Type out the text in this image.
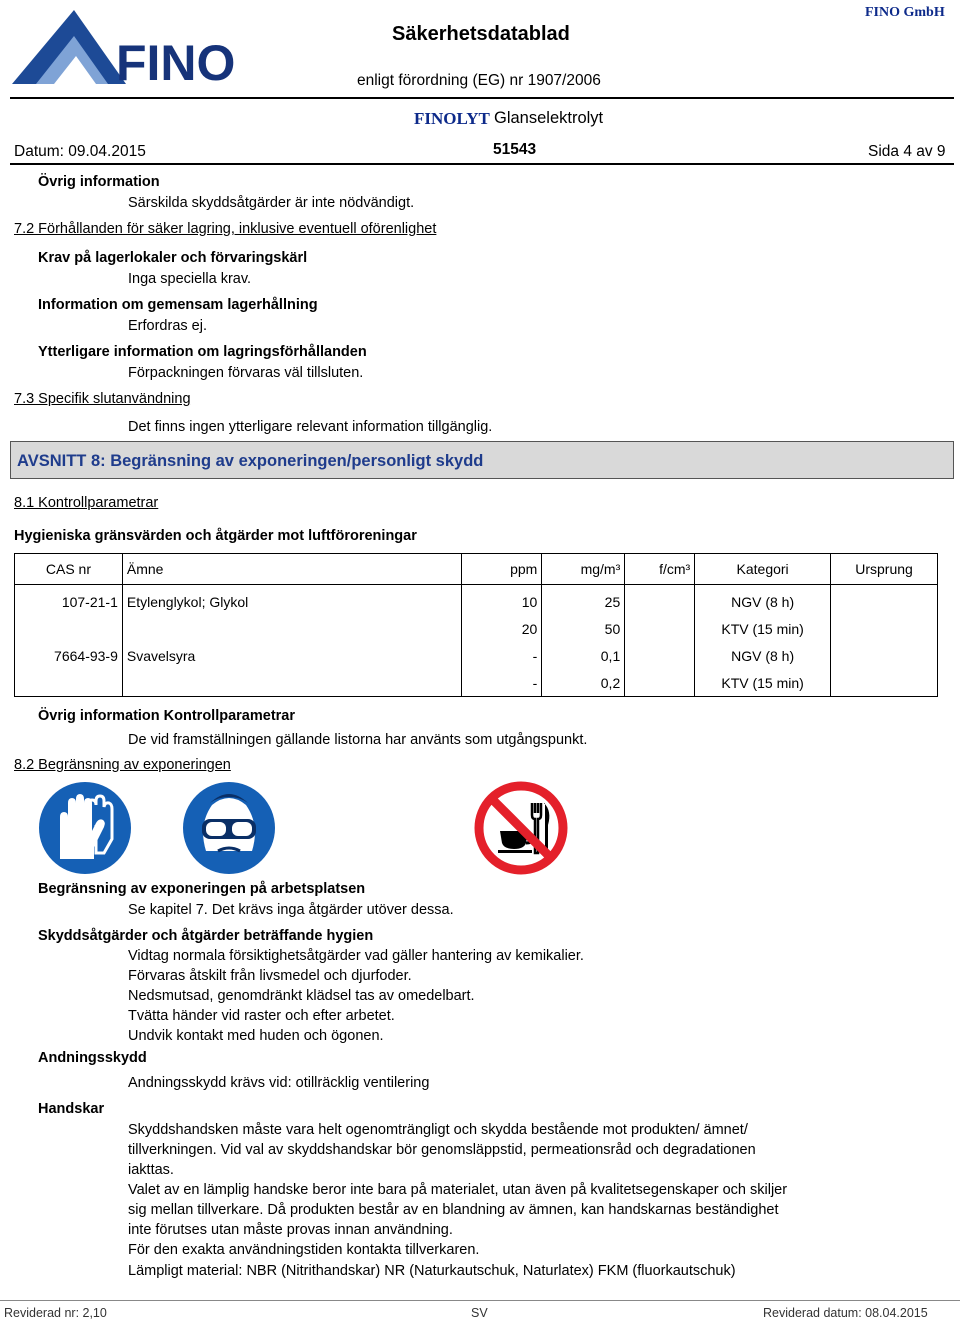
FINO
Säkerhetsdatablad
enligt förordning (EG) nr 1907/2006
FINO GmbH
FINOLYT Glanselektrolyt
Datum: 09.04.2015	51543	Sida 4 av 9
Övrig information
Särskilda skyddsåtgärder är inte nödvändigt.
7.2 Förhållanden för säker lagring, inklusive eventuell oförenlighet
Krav på lagerlokaler och förvaringskärl
Inga speciella krav.
Information om gemensam lagerhållning
Erfordras ej.
Ytterligare information om lagringsförhållanden
Förpackningen förvaras väl tillsluten.
7.3 Specifik slutanvändning
Det finns ingen ytterligare relevant information tillgänglig.
AVSNITT 8: Begränsning av exponeringen/personligt skydd
8.1 Kontrollparametrar
Hygieniska gränsvärden och åtgärder mot luftföroreningar
CAS nr	Ämne	ppm	mg/m³	f/cm³	Kategori	Ursprung

107-21-1	Etylenglykol; Glykol	10	25		NGV (8 h)	
		20	50		KTV (15 min)	
7664-93-9	Svavelsyra	-	0,1		NGV (8 h)	
		-	0,2		KTV (15 min)	
Övrig information Kontrollparametrar
De vid framställningen gällande listorna har använts som utgångspunkt.
8.2 Begränsning av exponeringen
Begränsning av exponeringen på arbetsplatsen
Se kapitel 7. Det krävs inga åtgärder utöver dessa.
Skyddsåtgärder och åtgärder beträffande hygien
Vidtag normala försiktighetsåtgärder vad gäller hantering av kemikalier.
Förvaras åtskilt från livsmedel och djurfoder.
Nedsmutsad, genomdränkt klädsel tas av omedelbart.
Tvätta händer vid raster och efter arbetet.
Undvik kontakt med huden och ögonen.
Andningsskydd
Andningsskydd krävs vid: otillräcklig ventilering
Handskar
Skyddshandsken måste vara helt ogenomträngligt och skydda bestående mot produkten/ ämnet/
tillverkningen. Vid val av skyddshandskar bör genomsläppstid, permeationsråd och degradationen
iakttas.
Valet av en lämplig handske beror inte bara på materialet, utan även på kvalitetsegenskaper och skiljer
sig mellan tillverkare. Då produkten består av en blandning av ämnen, kan handskarnas beständighet
inte förutses utan måste provas innan användning.
För den exakta användningstiden kontakta tillverkaren.
Lämpligt material: NBR (Nitrithandskar) NR (Naturkautschuk, Naturlatex) FKM (fluorkautschuk)
Reviderad nr: 2,10	SV	Reviderad datum: 08.04.2015
